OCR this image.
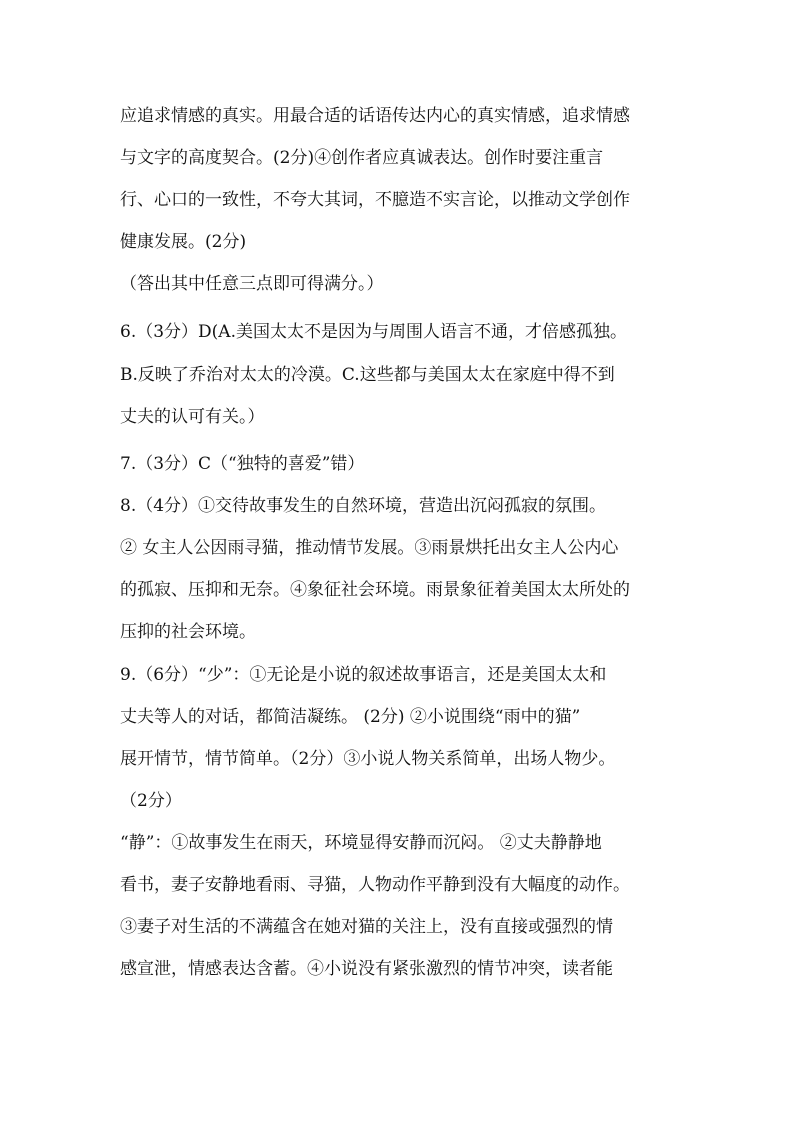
应追求情感的真实。用最合适的话语传达内心的真实情感，追求情感
与文字的高度契合。(2分)④创作者应真诚表达。创作时要注重言
行、心口的一致性，不夸大其词，不臆造不实言论，以推动文学创作
健康发展。(2分)
（答出其中任意三点即可得满分。）
6.（3分）D(A.美国太太不是因为与周围人语言不通，才倍感孤独。
B.反映了乔治对太太的冷漠。C.这些都与美国太太在家庭中得不到
丈夫的认可有关。）
7.（3分）C（“独特的喜爱”错）
8.（4分）①交待故事发生的自然环境，营造出沉闷孤寂的氛围。
② 女主人公因雨寻猫，推动情节发展。③雨景烘托出女主人公内心
的孤寂、压抑和无奈。④象征社会环境。雨景象征着美国太太所处的
压抑的社会环境。
9.（6分）“少”：①无论是小说的叙述故事语言，还是美国太太和
丈夫等人的对话，都简洁凝练。 (2分) ②小说围绕“雨中的猫”
展开情节，情节简单。（2分）③小说人物关系简单，出场人物少。
（2分）
“静”：①故事发生在雨天，环境显得安静而沉闷。 ②丈夫静静地
看书，妻子安静地看雨、寻猫，人物动作平静到没有大幅度的动作。
③妻子对生活的不满蕴含在她对猫的关注上，没有直接或强烈的情
感宣泄，情感表达含蓄。④小说没有紧张激烈的情节冲突，读者能
